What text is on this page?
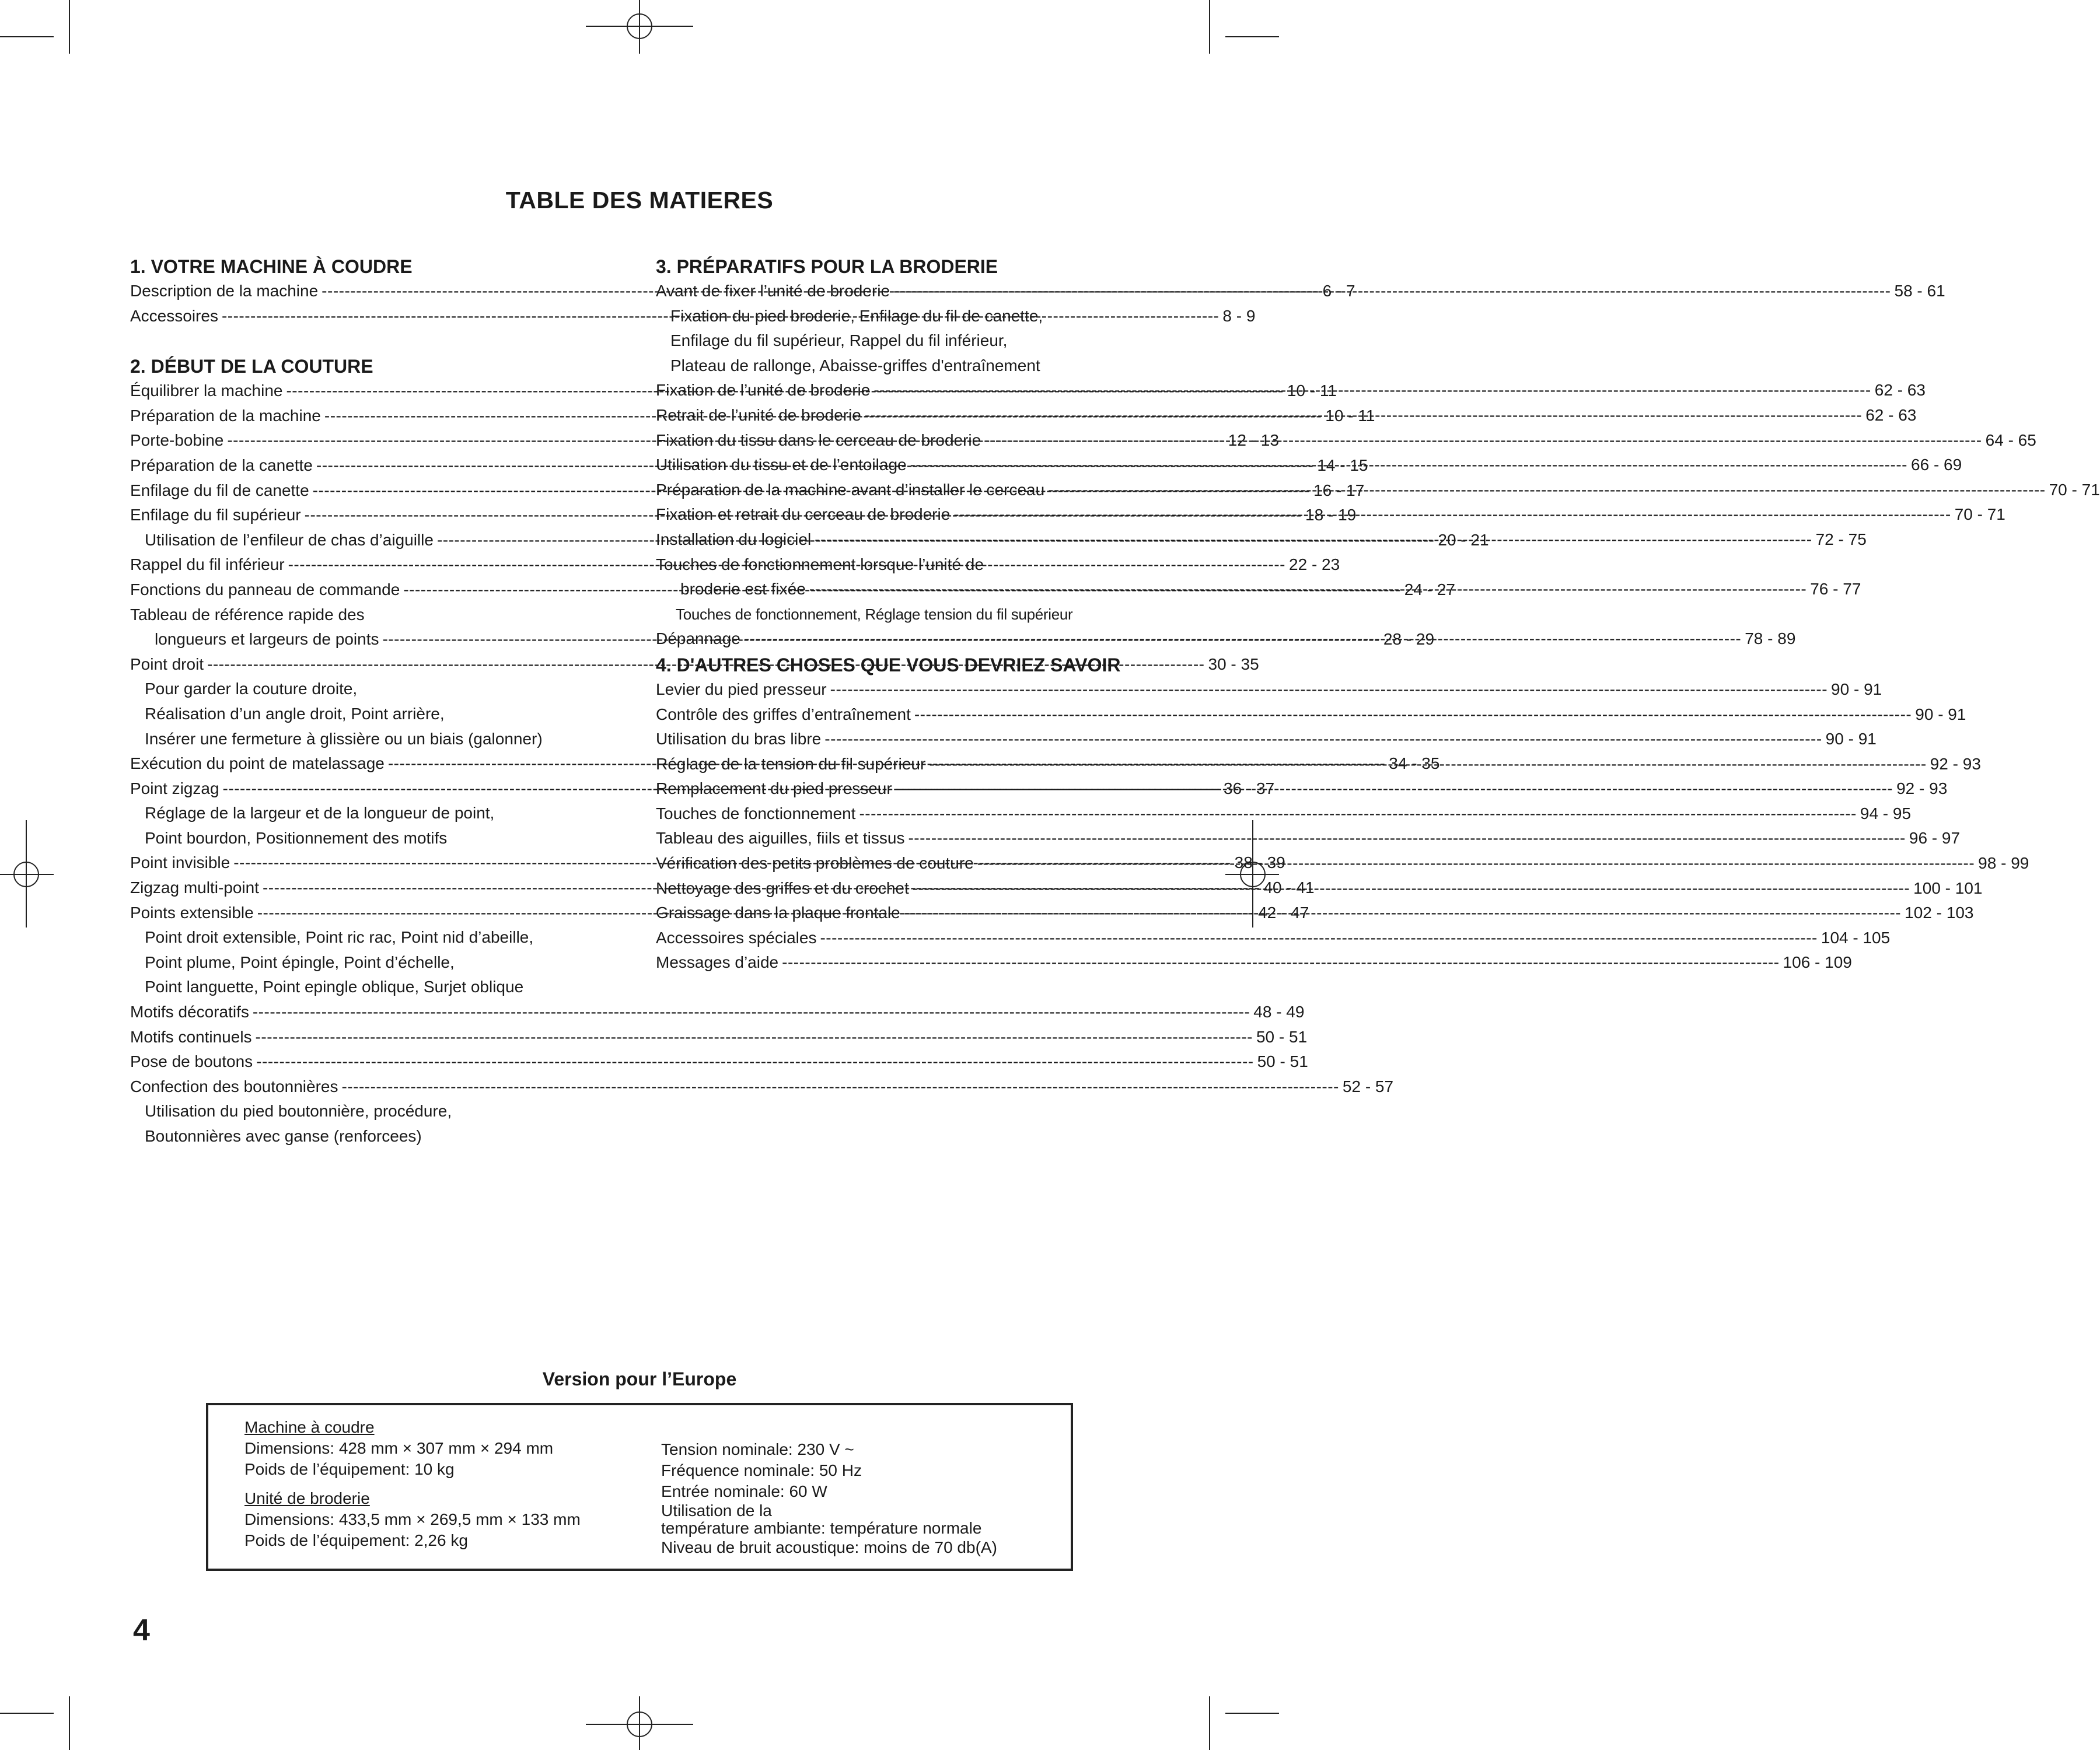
TABLE DES MATIERES
1. VOTRE MACHINE À COUDRE
Description de la machine -----	6 - 7
Accessoires -----	8 - 9
2. DÉBUT DE LA COUTURE
Équilibrer la machine -----	10 - 11
Préparation de la machine -----	10 - 11
Porte-bobine -----	12 - 13
Préparation de la canette -----	14 - 15
Enfilage du fil de canette -----	16 - 17
Enfilage du fil supérieur -----	18 - 19
Utilisation de l’enfileur de chas d’aiguille -----	20 - 21
Rappel du fil inférieur -----	22 - 23
Fonctions du panneau de commande -----	24 - 27
Tableau de référence rapide des
longueurs et largeurs de points -----	28 - 29
Point droit -----	30 - 35
Pour garder la couture droite,
Réalisation d’un angle droit, Point arrière,
Insérer une fermeture à glissière ou un biais (galonner)
Exécution du point de matelassage -----	34 - 35
Point zigzag -----	36 - 37
Réglage de la largeur et de la longueur de point,
Point bourdon, Positionnement des motifs
Point invisible -----	38 - 39
Zigzag multi-point -----	40 - 41
Points extensible -----	42 - 47
Point droit extensible, Point ric rac, Point nid d’abeille,
Point plume, Point épingle, Point d’échelle,
Point languette, Point epingle oblique, Surjet oblique
Motifs décoratifs -----	48 - 49
Motifs continuels -----	50 - 51
Pose de boutons -----	50 - 51
Confection des boutonnières -----	52 - 57
Utilisation du pied boutonnière, procédure,
Boutonnières avec ganse (renforcees)
3. PRÉPARATIFS POUR LA BRODERIE
Avant de fixer l’unité de broderie -----	58 - 61
Fixation du pied broderie, Enfilage du fil de canette,
Enfilage du fil supérieur, Rappel du fil inférieur,
Plateau de rallonge, Abaisse-griffes d'entraînement
Fixation de l’unité de broderie -----	62 - 63
Retrait de l’unité de broderie -----	62 - 63
Fixation du tissu dans le cerceau de broderie -----	64 - 65
Utilisation du tissu et de l’entoilage -----	66 - 69
Préparation de la machine avant d’installer le cerceau -----	70 - 71
Fixation et retrait du cerceau de broderie -----	70 - 71
Installation du logiciel -----	72 - 75
Touches de fonctionnement lorsque l’unité de
broderie est fixée -----	76 - 77
Touches de fonctionnement, Réglage tension du fil supérieur
Dépannage -----	78 - 89
4. D'AUTRES CHOSES QUE VOUS DEVRIEZ SAVOIR
Levier du pied presseur -----	90 - 91
Contrôle des griffes d’entraînement -----	90 - 91
Utilisation du bras libre -----	90 - 91
Réglage de la tension du fil supérieur -----	92 - 93
Remplacement du pied presseur -----	92 - 93
Touches de fonctionnement -----	94 - 95
Tableau des aiguilles, fiils et tissus -----	96 - 97
Vérification des petits problèmes de couture -----	98 - 99
Nettoyage des griffes et du crochet -----	100 - 101
Graissage dans la plaque frontale -----	102 - 103
Accessoires spéciales -----	104 - 105
Messages d’aide -----	106 - 109
Version pour l’Europe
Machine à coudre
Dimensions: 428 mm × 307 mm × 294 mm
Poids de l’équipement: 10 kg
Unité de broderie
Dimensions: 433,5 mm × 269,5 mm × 133 mm
Poids de l’équipement: 2,26 kg
Tension nominale: 230 V ~
Fréquence nominale: 50 Hz
Entrée nominale: 60 W
Utilisation de la
température ambiante: température normale
Niveau de bruit acoustique: moins de 70 db(A)
4
